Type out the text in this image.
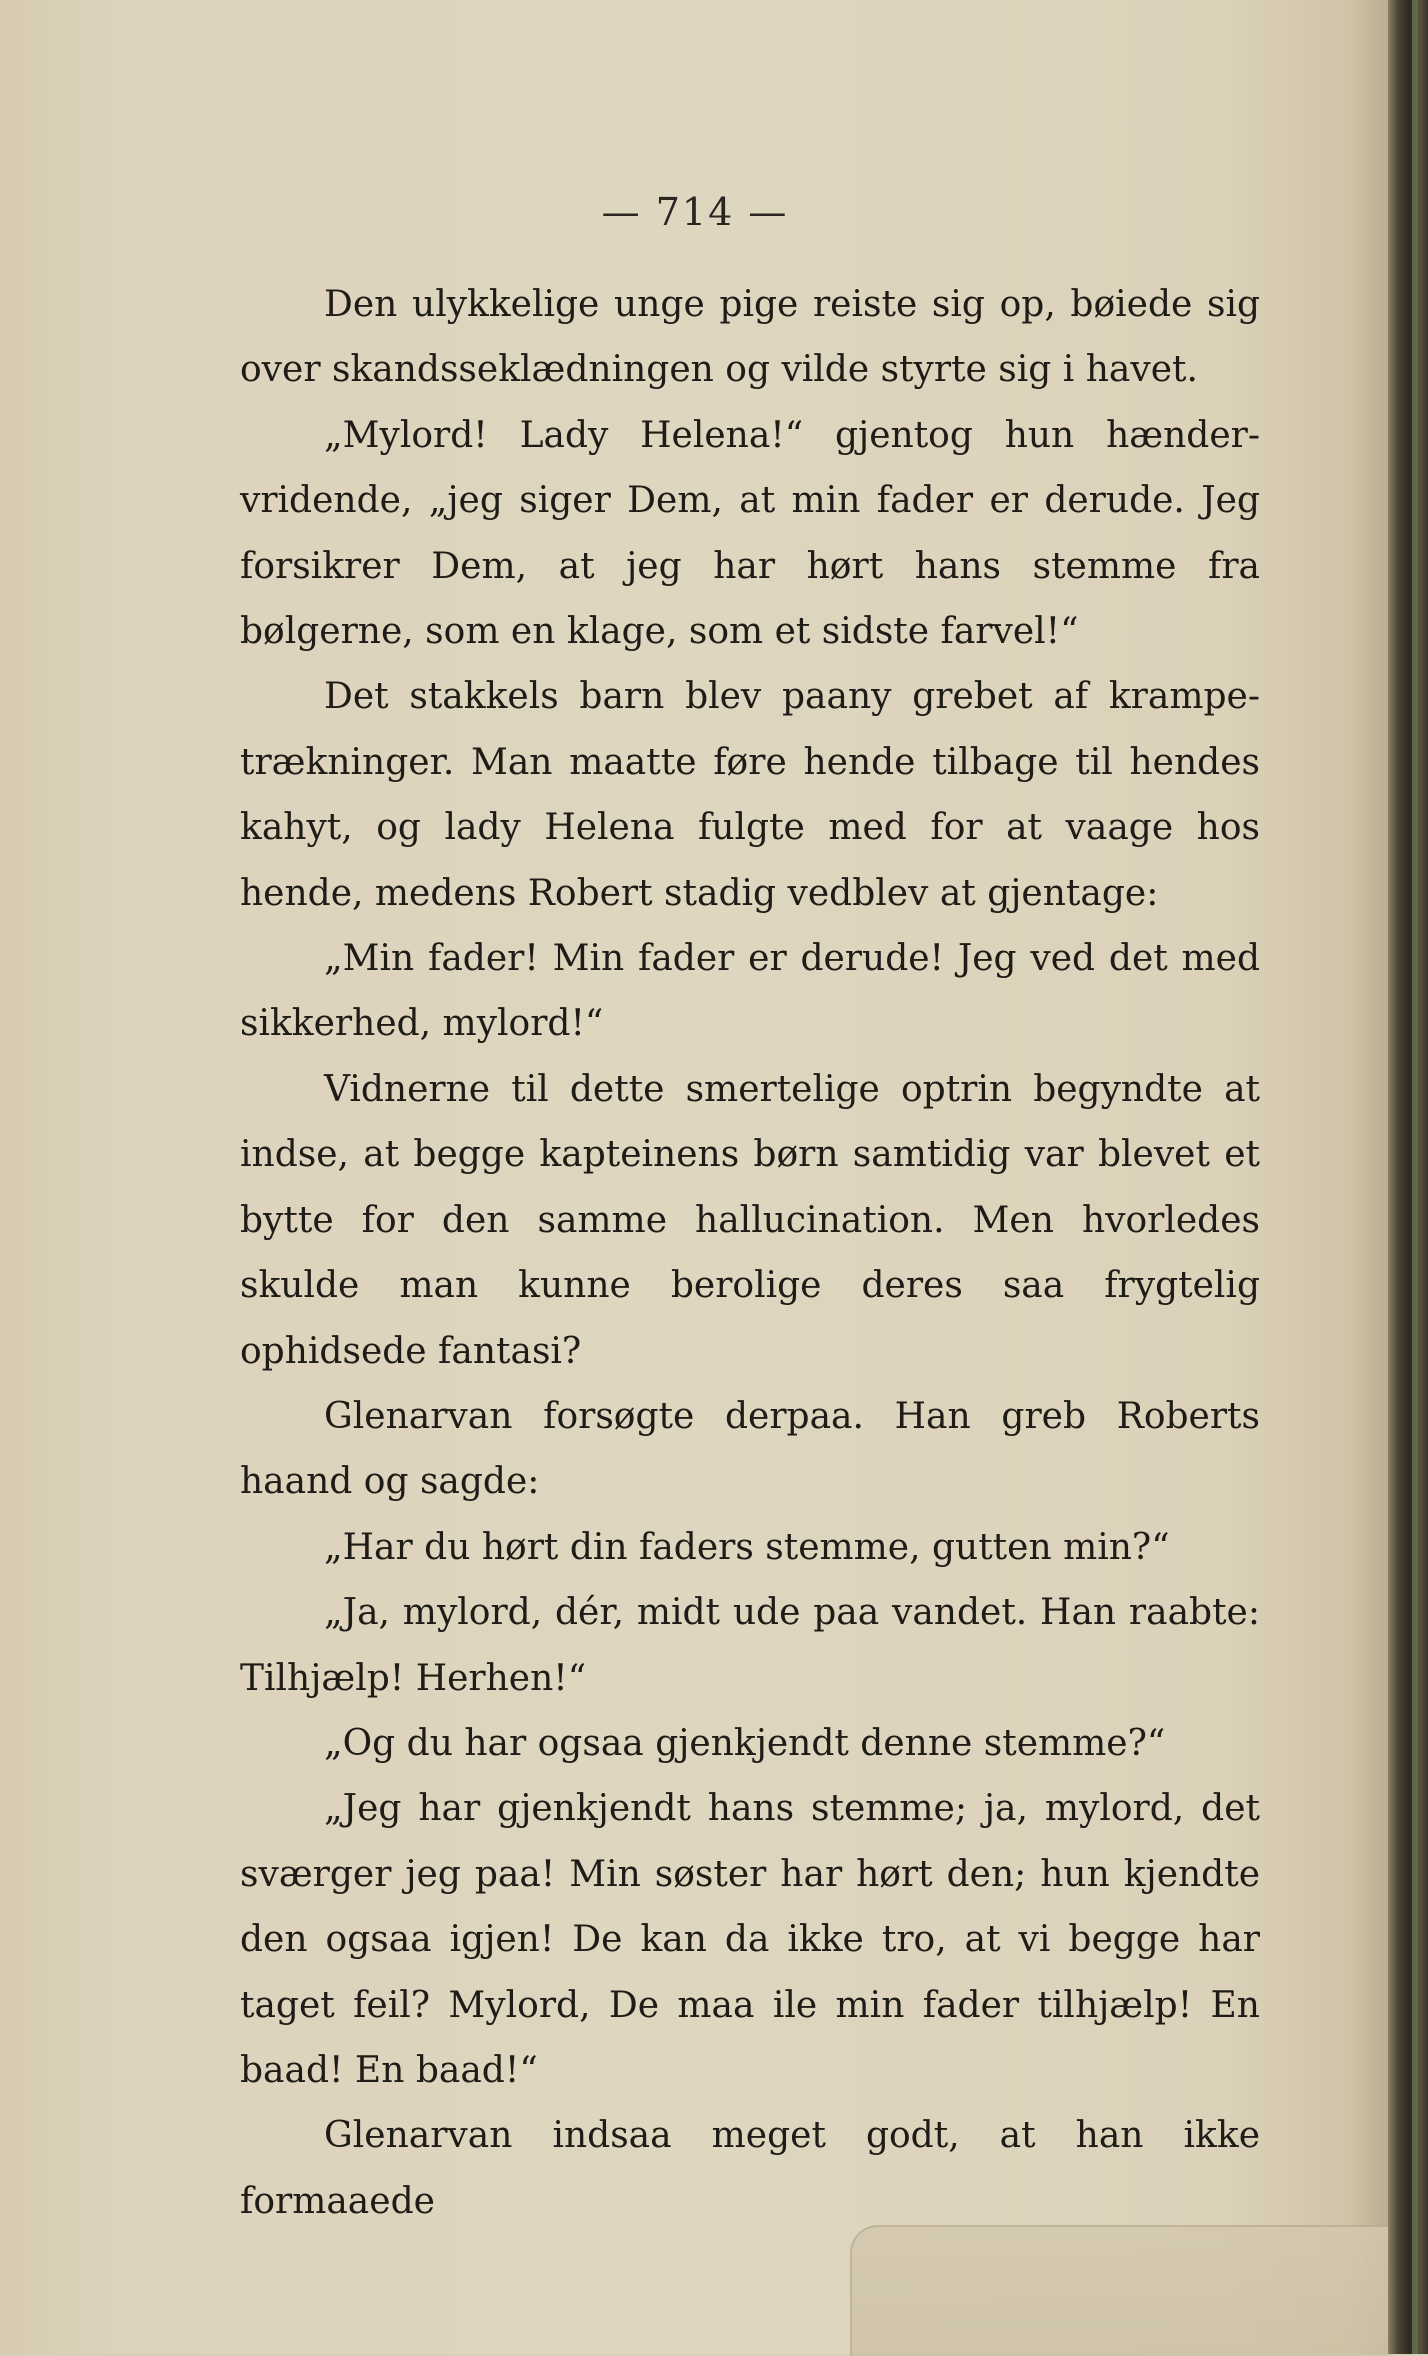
— 714 —

Den ulykkelige unge pige reiste sig op, bøiede sig over skandsseklædningen og vilde styrte sig i havet.

„Mylord! Lady Helena!“ gjentog hun hænder-vridende, „jeg siger Dem, at min fader er derude. Jeg forsikrer Dem, at jeg har hørt hans stemme fra bølgerne, som en klage, som et sidste farvel!“

Det stakkels barn blev paany grebet af krampe-trækninger. Man maatte føre hende tilbage til hendes kahyt, og lady Helena fulgte med for at vaage hos hende, medens Robert stadig vedblev at gjentage:

„Min fader! Min fader er derude! Jeg ved det med sikkerhed, mylord!“

Vidnerne til dette smertelige optrin begyndte at indse, at begge kapteinens børn samtidig var blevet et bytte for den samme hallucination. Men hvorledes skulde man kunne berolige deres saa frygtelig ophidsede fantasi?

Glenarvan forsøgte derpaa. Han greb Roberts haand og sagde:

„Har du hørt din faders stemme, gutten min?“

„Ja, mylord, dér, midt ude paa vandet. Han raabte: Tilhjælp! Herhen!“

„Og du har ogsaa gjenkjendt denne stemme?“

„Jeg har gjenkjendt hans stemme; ja, mylord, det sværger jeg paa! Min søster har hørt den; hun kjendte den ogsaa igjen! De kan da ikke tro, at vi begge har taget feil? Mylord, De maa ile min fader tilhjælp! En baad! En baad!“

Glenarvan indsaa meget godt, at han ikke formaaede
